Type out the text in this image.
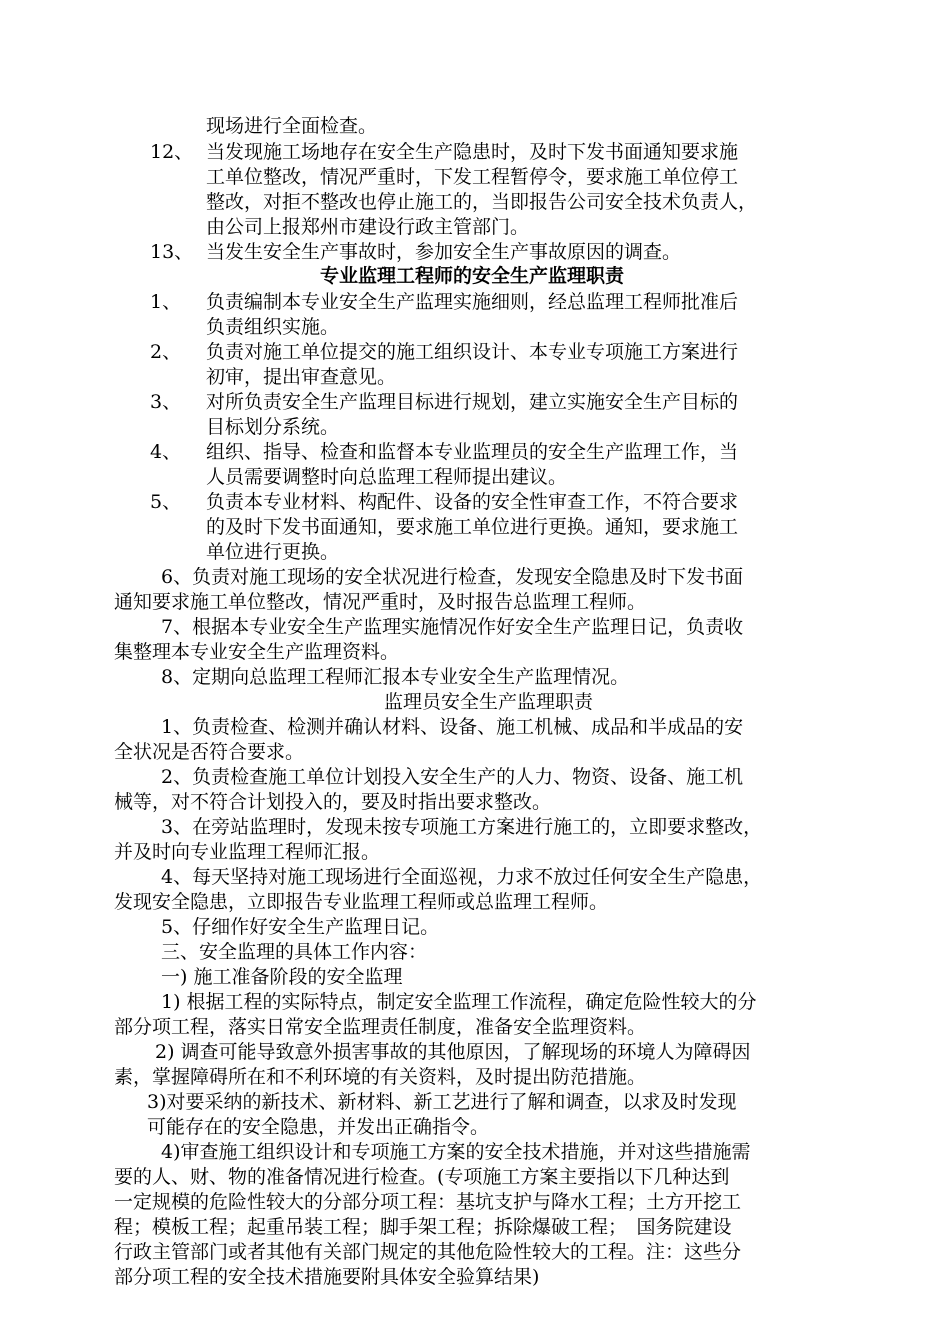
现场进行全面检查。
12、 当发现施工场地存在安全生产隐患时，及时下发书面通知要求施
工单位整改，情况严重时，下发工程暂停令，要求施工单位停工
整改，对拒不整改也停止施工的，当即报告公司安全技术负责人，
由公司上报郑州市建设行政主管部门。
13、 当发生安全生产事故时，参加安全生产事故原因的调查。
专业监理工程师的安全生产监理职责
1、 负责编制本专业安全生产监理实施细则，经总监理工程师批准后
负责组织实施。
2、 负责对施工单位提交的施工组织设计、本专业专项施工方案进行
初审，提出审查意见。
3、 对所负责安全生产监理目标进行规划，建立实施安全生产目标的
目标划分系统。
4、 组织、指导、检查和监督本专业监理员的安全生产监理工作，当
人员需要调整时向总监理工程师提出建议。
5、 负责本专业材料、构配件、设备的安全性审查工作，不符合要求
的及时下发书面通知，要求施工单位进行更换。通知，要求施工
单位进行更换。
6、负责对施工现场的安全状况进行检查，发现安全隐患及时下发书面
通知要求施工单位整改，情况严重时，及时报告总监理工程师。
7、根据本专业安全生产监理实施情况作好安全生产监理日记，负责收
集整理本专业安全生产监理资料。
8、定期向总监理工程师汇报本专业安全生产监理情况。
监理员安全生产监理职责
1、负责检查、检测并确认材料、设备、施工机械、成品和半成品的安
全状况是否符合要求。
2、负责检查施工单位计划投入安全生产的人力、物资、设备、施工机
械等，对不符合计划投入的，要及时指出要求整改。
3、在旁站监理时，发现未按专项施工方案进行施工的，立即要求整改，
并及时向专业监理工程师汇报。
4、每天坚持对施工现场进行全面巡视，力求不放过任何安全生产隐患，
发现安全隐患，立即报告专业监理工程师或总监理工程师。
5、仔细作好安全生产监理日记。
三、安全监理的具体工作内容：
一) 施工准备阶段的安全监理
1) 根据工程的实际特点，制定安全监理工作流程，确定危险性较大的分
部分项工程，落实日常安全监理责任制度，准备安全监理资料。
2) 调查可能导致意外损害事故的其他原因，了解现场的环境人为障碍因
素，掌握障碍所在和不利环境的有关资料，及时提出防范措施。
3)对要采纳的新技术、新材料、新工艺进行了解和调查，以求及时发现
可能存在的安全隐患，并发出正确指令。
4)审查施工组织设计和专项施工方案的安全技术措施，并对这些措施需
要的人、财、物的准备情况进行检查。(专项施工方案主要指以下几种达到
一定规模的危险性较大的分部分项工程：基坑支护与降水工程；土方开挖工
程；模板工程；起重吊装工程；脚手架工程；拆除爆破工程；　国务院建设
行政主管部门或者其他有关部门规定的其他危险性较大的工程。注：这些分
部分项工程的安全技术措施要附具体安全验算结果)
